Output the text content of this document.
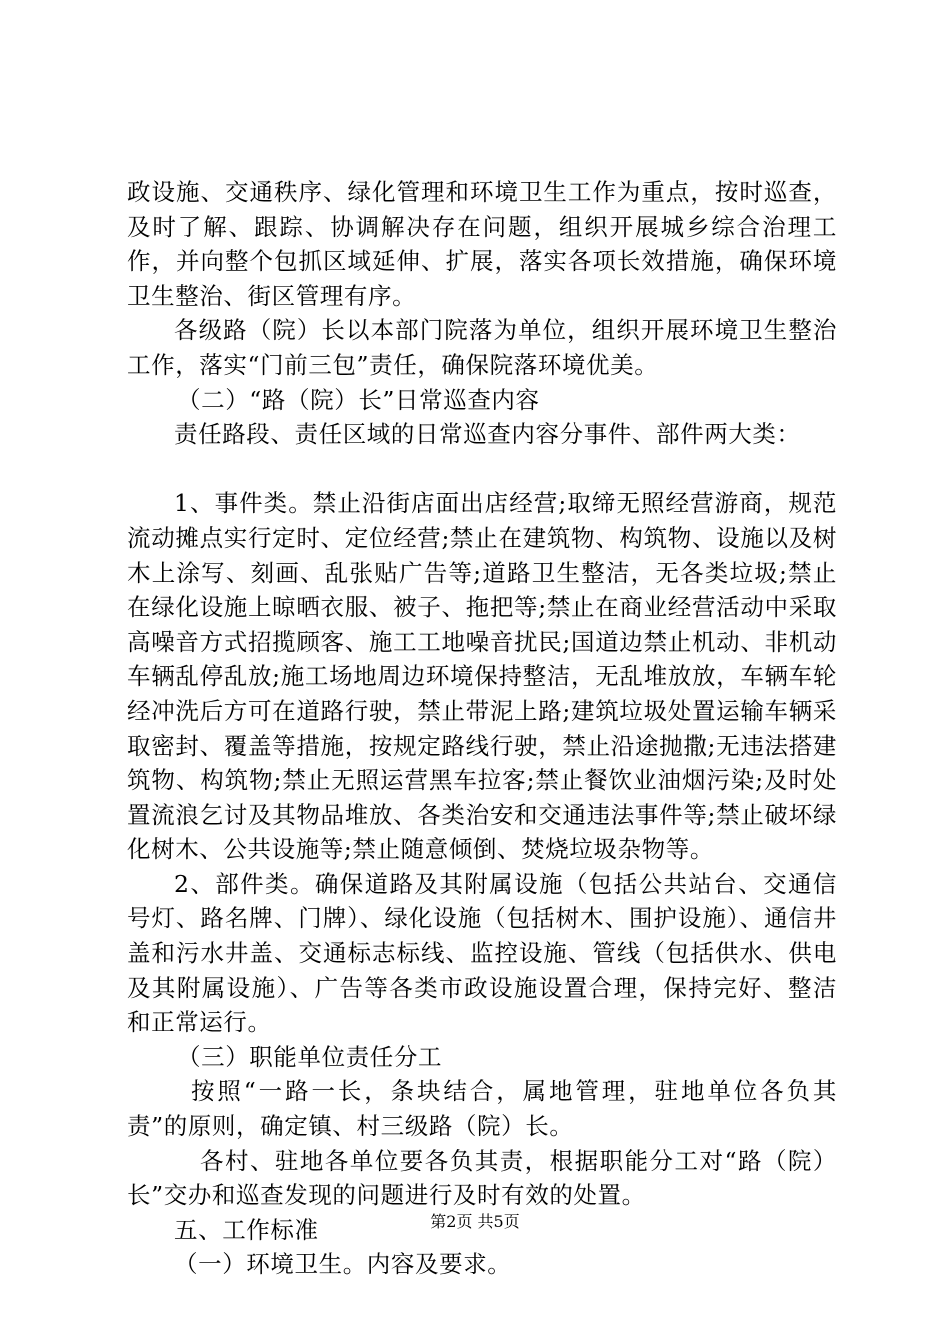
政设施、交通秩序、绿化管理和环境卫生工作为重点，按时巡查，及时了解、跟踪、协调解决存在问题，组织开展城乡综合治理工作，并向整个包抓区域延伸、扩展，落实各项长效措施，确保环境卫生整治、街区管理有序。

各级路（院）长以本部门院落为单位，组织开展环境卫生整治工作，落实“门前三包”责任，确保院落环境优美。

（二）“路（院）长”日常巡查内容

责任路段、责任区域的日常巡查内容分事件、部件两大类：

1、事件类。禁止沿街店面出店经营;取缔无照经营游商，规范流动摊点实行定时、定位经营;禁止在建筑物、构筑物、设施以及树木上涂写、刻画、乱张贴广告等;道路卫生整洁，无各类垃圾;禁止在绿化设施上晾晒衣服、被子、拖把等;禁止在商业经营活动中采取高噪音方式招揽顾客、施工工地噪音扰民;国道边禁止机动、非机动车辆乱停乱放;施工场地周边环境保持整洁，无乱堆放放，车辆车轮经冲洗后方可在道路行驶，禁止带泥上路;建筑垃圾处置运输车辆采取密封、覆盖等措施，按规定路线行驶，禁止沿途抛撒;无违法搭建筑物、构筑物;禁止无照运营黑车拉客;禁止餐饮业油烟污染;及时处置流浪乞讨及其物品堆放、各类治安和交通违法事件等;禁止破坏绿化树木、公共设施等;禁止随意倾倒、焚烧垃圾杂物等。

2、部件类。确保道路及其附属设施（包括公共站台、交通信号灯、路名牌、门牌）、绿化设施（包括树木、围护设施）、通信井盖和污水井盖、交通标志标线、监控设施、管线（包括供水、供电及其附属设施）、广告等各类市政设施设置合理，保持完好、整洁和正常运行。

（三）职能单位责任分工

按照“一路一长，条块结合，属地管理，驻地单位各负其责”的原则，确定镇、村三级路（院）长。

各村、驻地各单位要各负其责，根据职能分工对“路（院）长”交办和巡查发现的问题进行及时有效的处置。

五、工作标准

（一）环境卫生。内容及要求。

第2页 共5页
